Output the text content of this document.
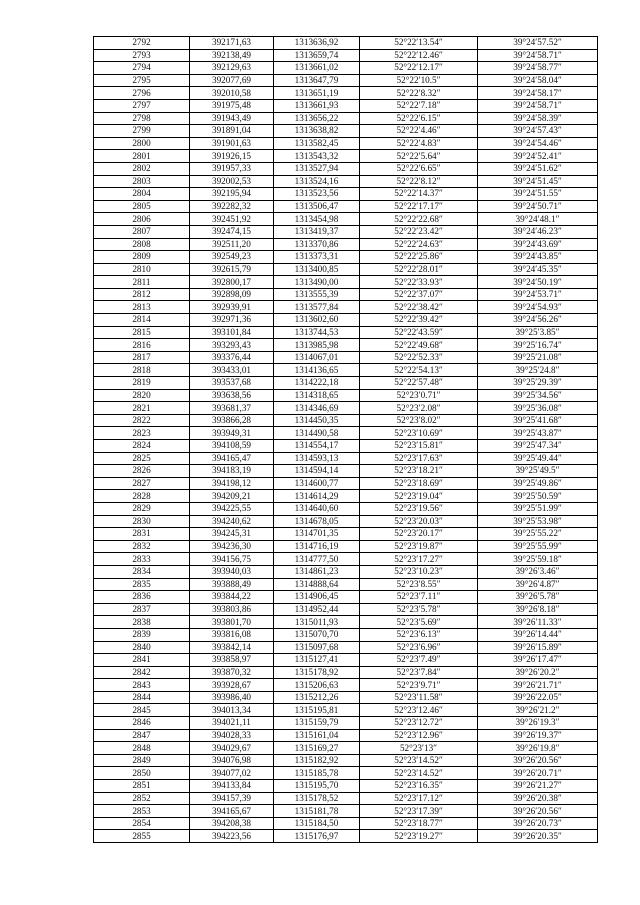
2792	392171,63	1313636,92	52°22′13.54″	39°24′57.52″
2793	392138,49	1313659,74	52°22′12.46″	39°24′58.71″
2794	392129,63	1313661,02	52°22′12.17″	39°24′58.77″
2795	392077,69	1313647,79	52°22′10.5″	39°24′58.04″
2796	392010,58	1313651,19	52°22′8.32″	39°24′58.17″
2797	391975,48	1313661,93	52°22′7.18″	39°24′58.71″
2798	391943,49	1313656,22	52°22′6.15″	39°24′58.39″
2799	391891,04	1313638,82	52°22′4.46″	39°24′57.43″
2800	391901,63	1313582,45	52°22′4.83″	39°24′54.46″
2801	391926,15	1313543,32	52°22′5.64″	39°24′52.41″
2802	391957,33	1313527,94	52°22′6.65″	39°24′51.62″
2803	392002,53	1313524,16	52°22′8.12″	39°24′51.45″
2804	392195,94	1313523,56	52°22′14.37″	39°24′51.55″
2805	392282,32	1313506,47	52°22′17.17″	39°24′50.71″
2806	392451,92	1313454,98	52°22′22.68″	39°24′48.1″
2807	392474,15	1313419,37	52°22′23.42″	39°24′46.23″
2808	392511,20	1313370,86	52°22′24.63″	39°24′43.69″
2809	392549,23	1313373,31	52°22′25.86″	39°24′43.85″
2810	392615,79	1313400,85	52°22′28.01″	39°24′45.35″
2811	392800,17	1313490,00	52°22′33.93″	39°24′50.19″
2812	392898,09	1313555,39	52°22′37.07″	39°24′53.71″
2813	392939,91	1313577,84	52°22′38.42″	39°24′54.93″
2814	392971,36	1313602,60	52°22′39.42″	39°24′56.26″
2815	393101,84	1313744,53	52°22′43.59″	39°25′3.85″
2816	393293,43	1313985,98	52°22′49.68″	39°25′16.74″
2817	393376,44	1314067,01	52°22′52.33″	39°25′21.08″
2818	393433,01	1314136,65	52°22′54.13″	39°25′24.8″
2819	393537,68	1314222,18	52°22′57.48″	39°25′29.39″
2820	393638,56	1314318,65	52°23′0.71″	39°25′34.56″
2821	393681,37	1314346,69	52°23′2.08″	39°25′36.08″
2822	393866,28	1314450,35	52°23′8.02″	39°25′41.68″
2823	393949,31	1314490,58	52°23′10.69″	39°25′43.87″
2824	394108,59	1314554,17	52°23′15.81″	39°25′47.34″
2825	394165,47	1314593,13	52°23′17.63″	39°25′49.44″
2826	394183,19	1314594,14	52°23′18.21″	39°25′49.5″
2827	394198,12	1314600,77	52°23′18.69″	39°25′49.86″
2828	394209,21	1314614,29	52°23′19.04″	39°25′50.59″
2829	394225,55	1314640,60	52°23′19.56″	39°25′51.99″
2830	394240,62	1314678,05	52°23′20.03″	39°25′53.98″
2831	394245,31	1314701,35	52°23′20.17″	39°25′55.22″
2832	394236,30	1314716,19	52°23′19.87″	39°25′55.99″
2833	394156,75	1314777,50	52°23′17.27″	39°25′59.18″
2834	393940,03	1314861,23	52°23′10.23″	39°26′3.46″
2835	393888,49	1314888,64	52°23′8.55″	39°26′4.87″
2836	393844,22	1314906,45	52°23′7.11″	39°26′5.78″
2837	393803,86	1314952,44	52°23′5.78″	39°26′8.18″
2838	393801,70	1315011,93	52°23′5.69″	39°26′11.33″
2839	393816,08	1315070,70	52°23′6.13″	39°26′14.44″
2840	393842,14	1315097,68	52°23′6.96″	39°26′15.89″
2841	393858,97	1315127,41	52°23′7.49″	39°26′17.47″
2842	393870,32	1315178,92	52°23′7.84″	39°26′20.2″
2843	393928,67	1315206,63	52°23′9.71″	39°26′21.71″
2844	393986,40	1315212,26	52°23′11.58″	39°26′22.05″
2845	394013,34	1315195,81	52°23′12.46″	39°26′21.2″
2846	394021,11	1315159,79	52°23′12.72″	39°26′19.3″
2847	394028,33	1315161,04	52°23′12.96″	39°26′19.37″
2848	394029,67	1315169,27	52°23′13″	39°26′19.8″
2849	394076,98	1315182,92	52°23′14.52″	39°26′20.56″
2850	394077,02	1315185,78	52°23′14.52″	39°26′20.71″
2851	394133,84	1315195,70	52°23′16.35″	39°26′21.27″
2852	394157,39	1315178,52	52°23′17.12″	39°26′20.38″
2853	394165,67	1315181,78	52°23′17.39″	39°26′20.56″
2854	394208,38	1315184,50	52°23′18.77″	39°26′20.73″
2855	394223,56	1315176,97	52°23′19.27″	39°26′20.35″
